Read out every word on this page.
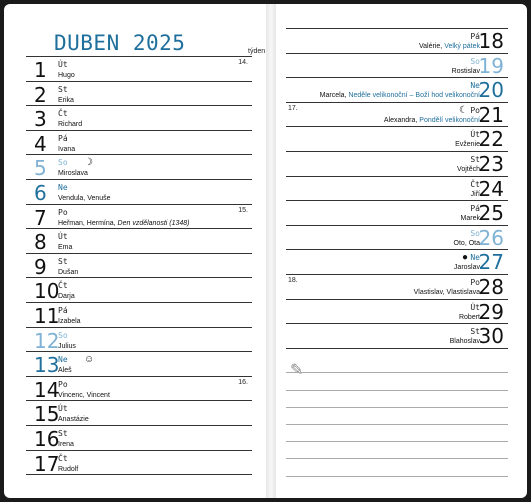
DUBEN 2025	týden
1 Út
Hugo
14.
2 St
Erika
3 Čt
Richard
4 Pá
Ivana
5 So
Miroslava
☽
6 Ne
Vendula, Venuše
7 Po
Heřman, Hermína, Den vzdělanosti (1348)
15.
8 Út
Ema
9 St
Dušan
10
Čt
Darja
11
Pá
Izabela
12
So
Julius
13
Ne
Aleš
☺
14
Po
Vincenc, Vincent
16.
15
Út
Anastázie
16
St
Irena
17
Čt
Rudolf
18
Pá
Valérie, Velký pátek
19
So
Rostislav
20
Ne
Marcela, Neděle velikonoční – Boží hod velikonoční
21
Po
Alexandra, Pondělí velikonoční
17.	☾
22
Út
Evženie
23
St
Vojtěch
24
Čt
Jiří
25
Pá
Marek
26
So
Oto, Ota
27
Ne
Jaroslav
●
28
Po
Vlastislav, Vlastislava
18.
29
Út
Robert
30
St
Blahoslav
✎
